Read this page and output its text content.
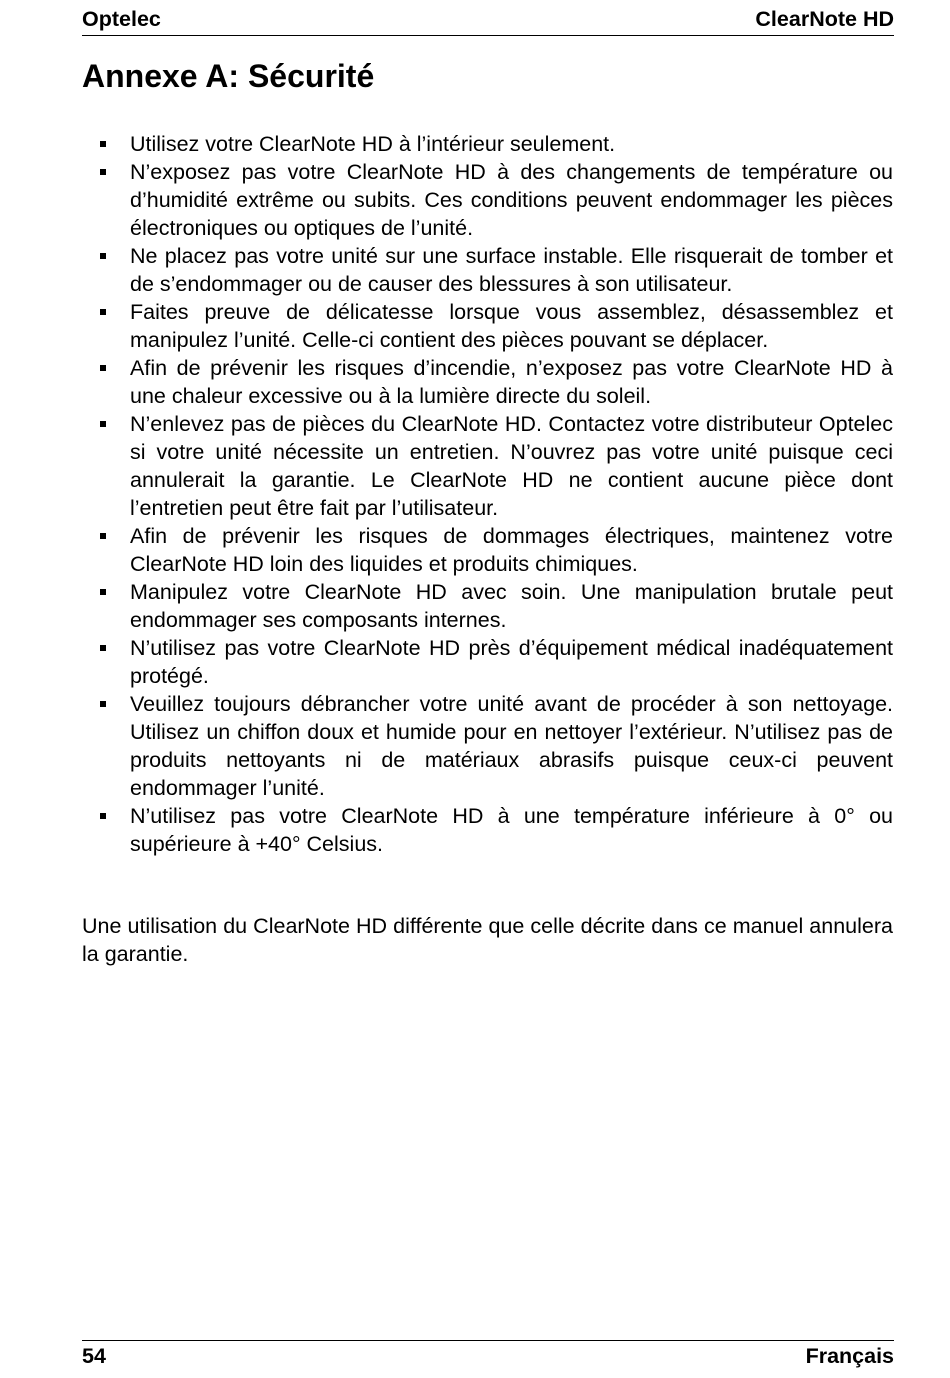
Optelec	ClearNote HD
Annexe A: Sécurité
Utilisez votre ClearNote HD à l’intérieur seulement.
N’exposez pas votre ClearNote HD à des changements de température ou d’humidité extrême ou subits. Ces conditions peuvent endommager les pièces électroniques ou optiques de l’unité.
Ne placez pas votre unité sur une surface instable. Elle risquerait de tomber et de s’endommager ou de causer des blessures à son utilisateur.
Faites preuve de délicatesse lorsque vous assemblez, désassemblez et manipulez l’unité. Celle-ci contient des pièces pouvant se déplacer.
Afin de prévenir les risques d’incendie, n’exposez pas votre ClearNote HD à une chaleur excessive ou à la lumière directe du soleil.
N’enlevez pas de pièces du ClearNote HD. Contactez votre distributeur Optelec si votre unité nécessite un entretien. N’ouvrez pas votre unité puisque ceci annulerait la garantie. Le ClearNote HD ne contient aucune pièce dont l’entretien peut être fait par l’utilisateur.
Afin de prévenir les risques de dommages électriques, maintenez votre ClearNote HD loin des liquides et produits chimiques.
Manipulez votre ClearNote HD avec soin. Une manipulation brutale peut endommager ses composants internes.
N’utilisez pas votre ClearNote HD près d’équipement médical inadéquatement protégé.
Veuillez toujours débrancher votre unité avant de procéder à son nettoyage. Utilisez un chiffon doux et humide pour en nettoyer l’extérieur. N’utilisez pas de produits nettoyants ni de matériaux abrasifs puisque ceux-ci peuvent endommager l’unité.
N’utilisez pas votre ClearNote HD à une température inférieure à 0° ou supérieure à +40° Celsius.

Une utilisation du ClearNote HD différente que celle décrite dans ce manuel annulera la garantie.

54	Français
